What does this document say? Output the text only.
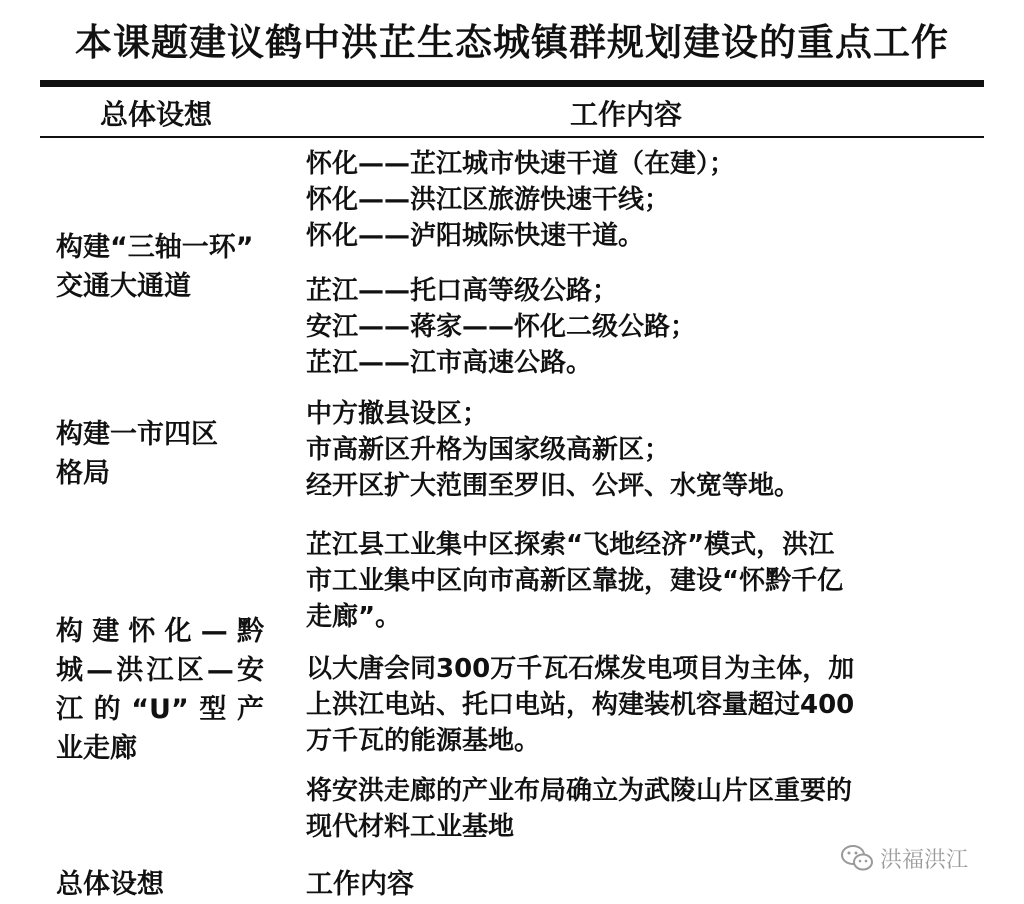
本课题建议鹤中洪芷生态城镇群规划建设的重点工作
总体设想	工作内容
构建“三轴一环”
交通大通道
怀化——芷江城市快速干道（在建）；
怀化——洪江区旅游快速干线；
怀化——泸阳城际快速干道。
芷江——托口高等级公路；
安江——蒋家——怀化二级公路；
芷江——江市高速公路。
构建一市四区
格局
中方撤县设区；
市高新区升格为国家级高新区；
经开区扩大范围至罗旧、公坪、水宽等地。
构建怀化—黔
城—洪江区—安
江的“U”型产
业走廊
芷江县工业集中区探索“飞地经济”模式，洪江
市工业集中区向市高新区靠拢，建设“怀黔千亿
走廊”。
以大唐会同300万千瓦石煤发电项目为主体，加
上洪江电站、托口电站，构建装机容量超过400
万千瓦的能源基地。
将安洪走廊的产业布局确立为武陵山片区重要的
现代材料工业基地
总体设想	工作内容
洪福洪江
